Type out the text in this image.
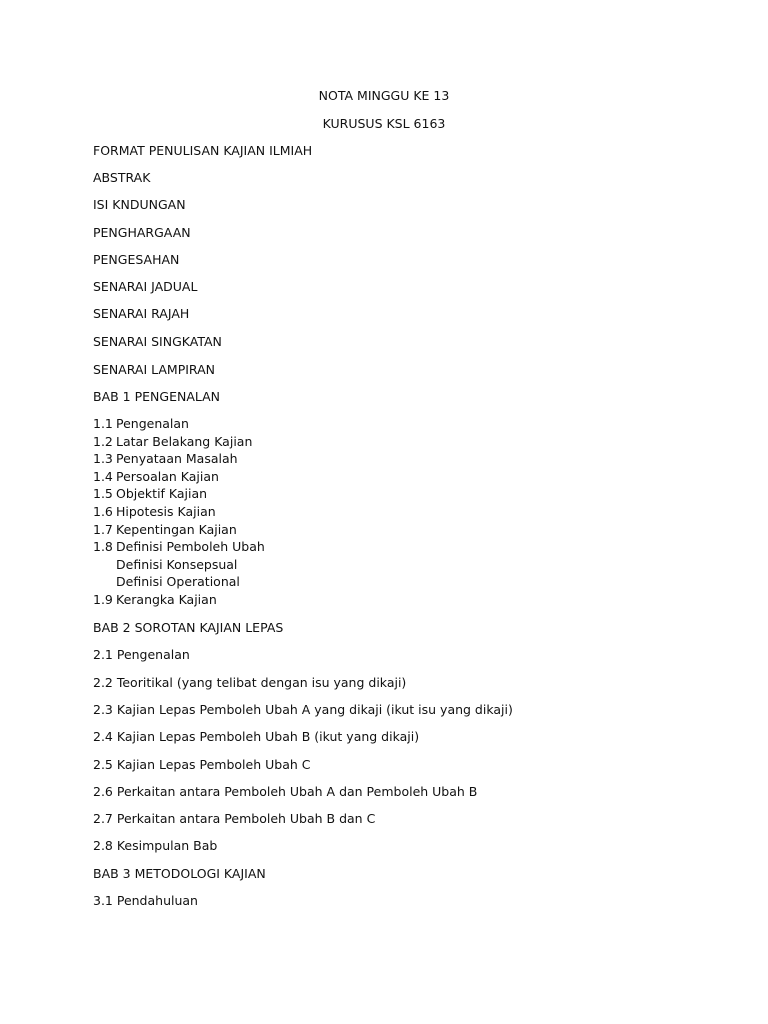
NOTA MINGGU KE 13
KURUSUS KSL 6163
FORMAT PENULISAN KAJIAN ILMIAH
ABSTRAK
ISI KNDUNGAN
PENGHARGAAN
PENGESAHAN
SENARAI JADUAL
SENARAI RAJAH
SENARAI SINGKATAN
SENARAI LAMPIRAN
BAB 1 PENGENALAN
1.1 Pengenalan
1.2 Latar Belakang Kajian
1.3 Penyataan Masalah
1.4 Persoalan Kajian
1.5 Objektif Kajian
1.6 Hipotesis Kajian
1.7 Kepentingan Kajian
1.8 Definisi Pemboleh Ubah
Definisi Konsepsual
Definisi Operational
1.9 Kerangka Kajian
BAB 2 SOROTAN KAJIAN LEPAS
2.1 Pengenalan
2.2 Teoritikal (yang telibat dengan isu yang dikaji)
2.3 Kajian Lepas Pemboleh Ubah A yang dikaji (ikut isu yang dikaji)
2.4 Kajian Lepas Pemboleh Ubah B (ikut yang dikaji)
2.5 Kajian Lepas Pemboleh Ubah C
2.6 Perkaitan antara Pemboleh Ubah A dan Pemboleh Ubah B
2.7 Perkaitan antara Pemboleh Ubah B dan C
2.8 Kesimpulan Bab
BAB 3 METODOLOGI KAJIAN
3.1 Pendahuluan
